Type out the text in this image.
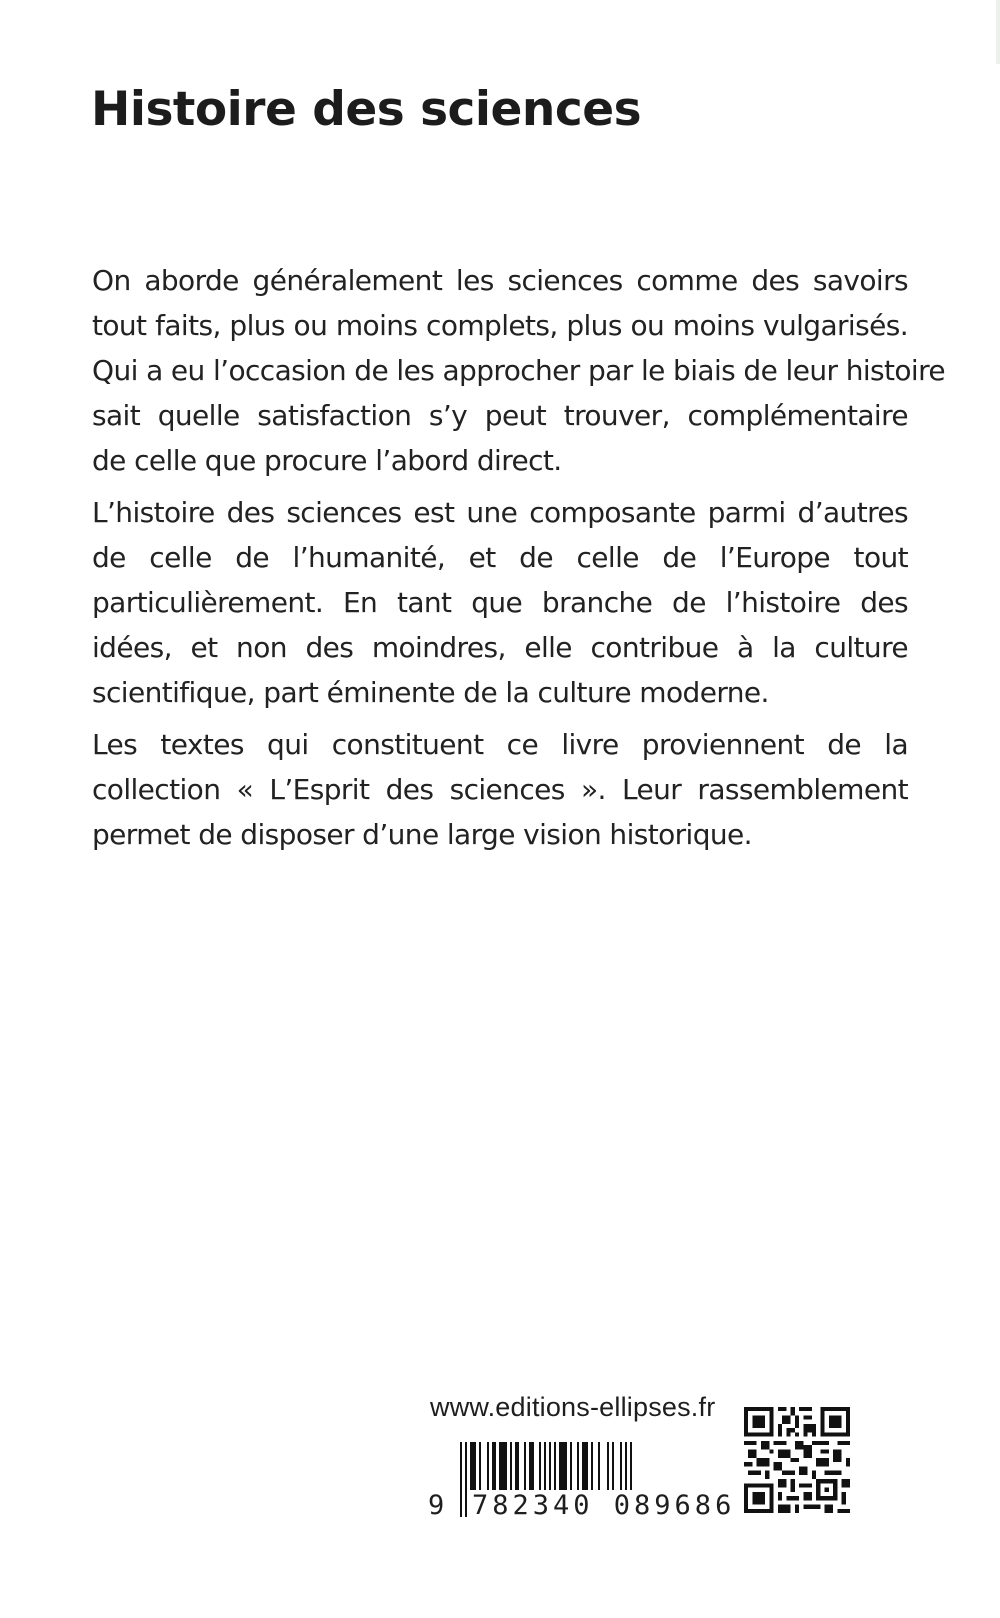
Histoire des sciences

On aborde généralement les sciences comme des savoirs
tout faits, plus ou moins complets, plus ou moins vulgarisés.
Qui a eu l’occasion de les approcher par le biais de leur histoire
sait quelle satisfaction s’y peut trouver, complémentaire
de celle que procure l’abord direct.

L’histoire des sciences est une composante parmi d’autres
de celle de l’humanité, et de celle de l’Europe tout
particulièrement. En tant que branche de l’histoire des
idées, et non des moindres, elle contribue à la culture
scientifique, part éminente de la culture moderne.

Les textes qui constituent ce livre proviennent de la
collection « L’Esprit des sciences ». Leur rassemblement
permet de disposer d’une large vision historique.

www.editions-ellipses.fr
9 782340 089686
